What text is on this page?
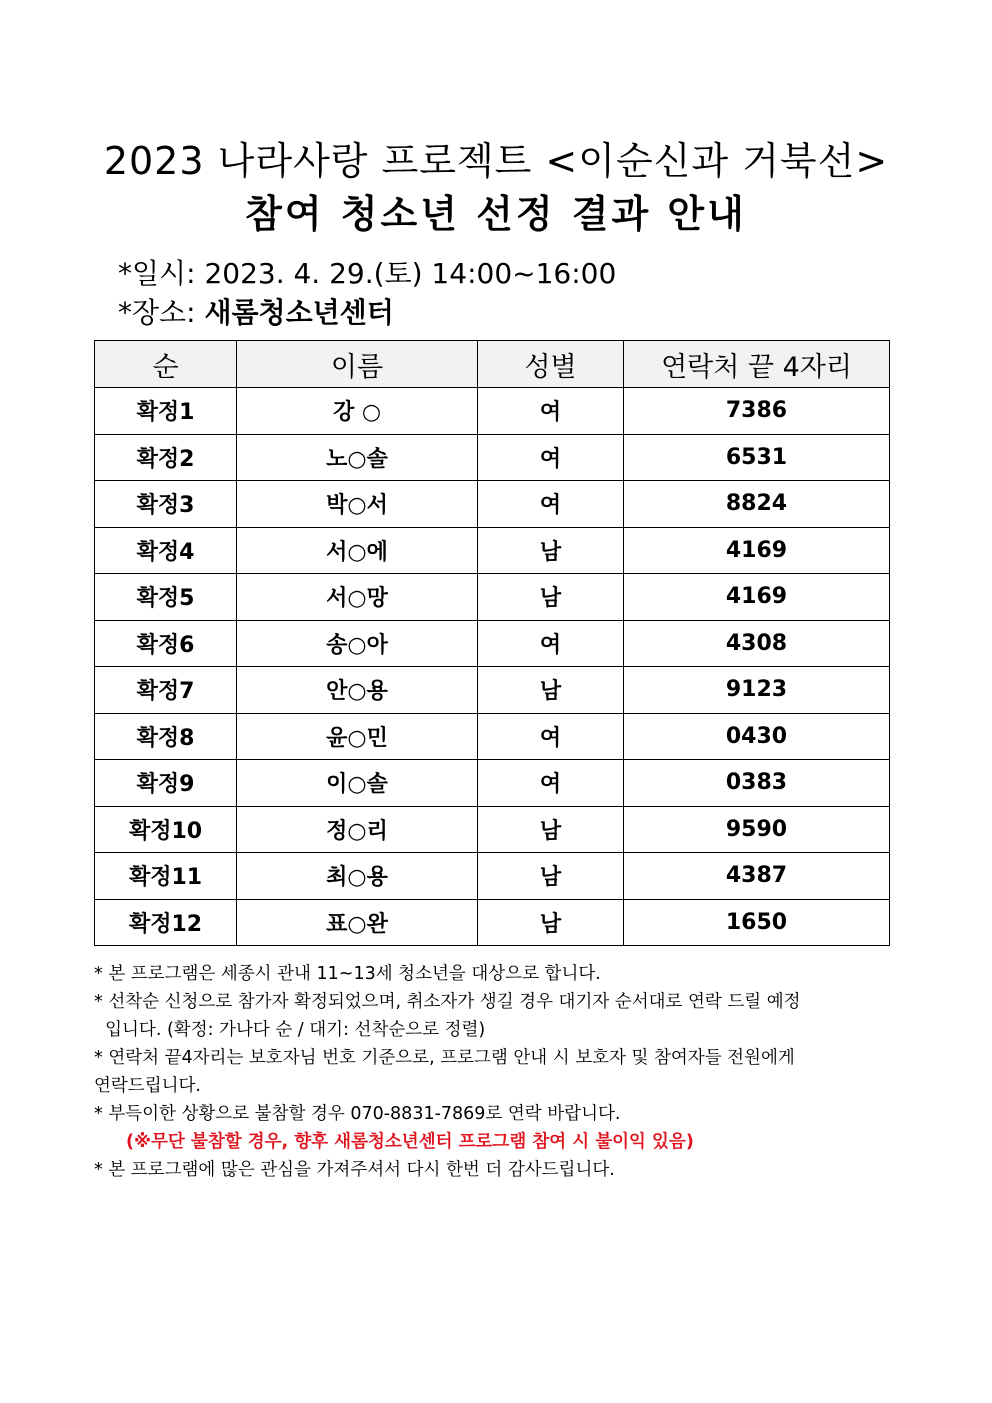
2023 나라사랑 프로젝트 <이순신과 거북선>
참여 청소년 선정 결과 안내
*일시: 2023. 4. 29.(토) 14:00~16:00
*장소: 새롬청소년센터
순	이름	성별	연락처 끝 4자리
확정1	강 ○	여	7386
확정2	노○솔	여	6531
확정3	박○서	여	8824
확정4	서○에	남	4169
확정5	서○망	남	4169
확정6	송○아	여	4308
확정7	안○용	남	9123
확정8	윤○민	여	0430
확정9	이○솔	여	0383
확정10	정○리	남	9590
확정11	최○용	남	4387
확정12	표○완	남	1650

* 본 프로그램은 세종시 관내 11~13세 청소년을 대상으로 합니다.

* 선착순 신청으로 참가자 확정되었으며, 취소자가 생길 경우 대기자 순서대로 연락 드릴 예정

입니다. (확정: 가나다 순 / 대기: 선착순으로 정렬)

* 연락처 끝4자리는 보호자님 번호 기준으로, 프로그램 안내 시 보호자 및 참여자들 전원에게

연락드립니다.

* 부득이한 상황으로 불참할 경우 070-8831-7869로 연락 바랍니다.

(※무단 불참할 경우, 향후 새롬청소년센터 프로그램 참여 시 불이익 있음)

* 본 프로그램에 많은 관심을 가져주셔서 다시 한번 더 감사드립니다.
